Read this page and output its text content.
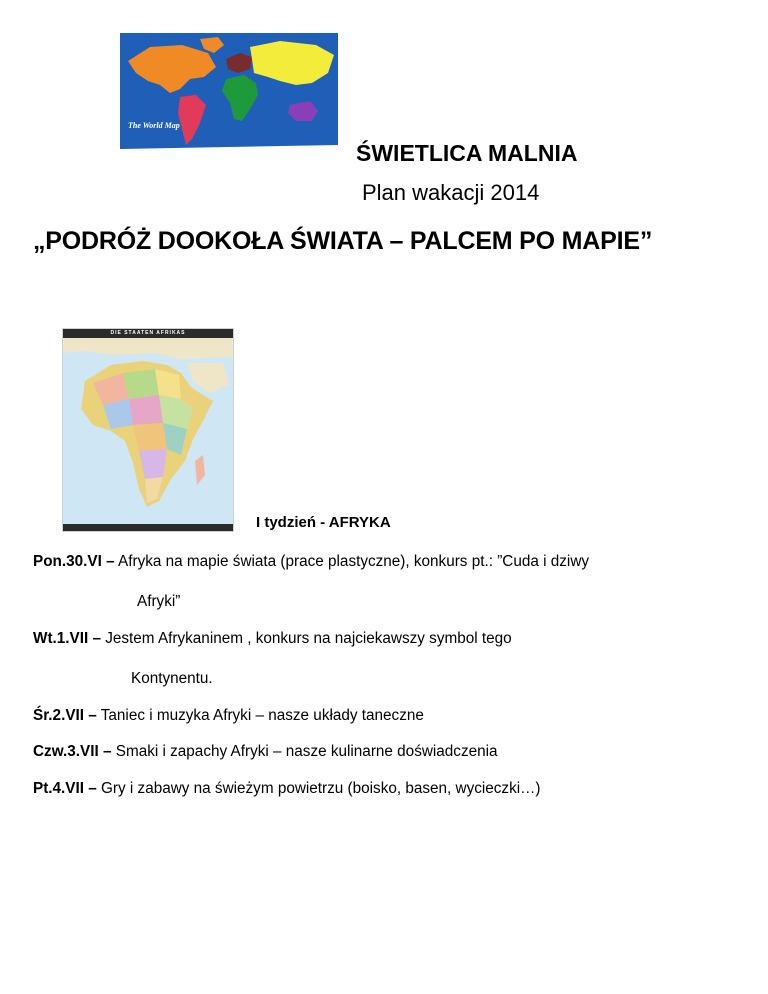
The World Map
ŚWIETLICA MALNIA
Plan wakacji 2014
„PODRÓŻ DOOKOŁA ŚWIATA – PALCEM PO MAPIE”
DIE STAATEN AFRIKAS
I tydzień - AFRYKA
Pon.30.VI – Afryka na mapie świata (prace plastyczne), konkurs pt.: ”Cuda i dziwy
Afryki”
Wt.1.VII – Jestem Afrykaninem , konkurs na najciekawszy symbol tego
Kontynentu.
Śr.2.VII – Taniec i muzyka Afryki – nasze układy taneczne
Czw.3.VII – Smaki i zapachy Afryki – nasze kulinarne doświadczenia
Pt.4.VII – Gry i zabawy na świeżym powietrzu (boisko, basen, wycieczki…)
